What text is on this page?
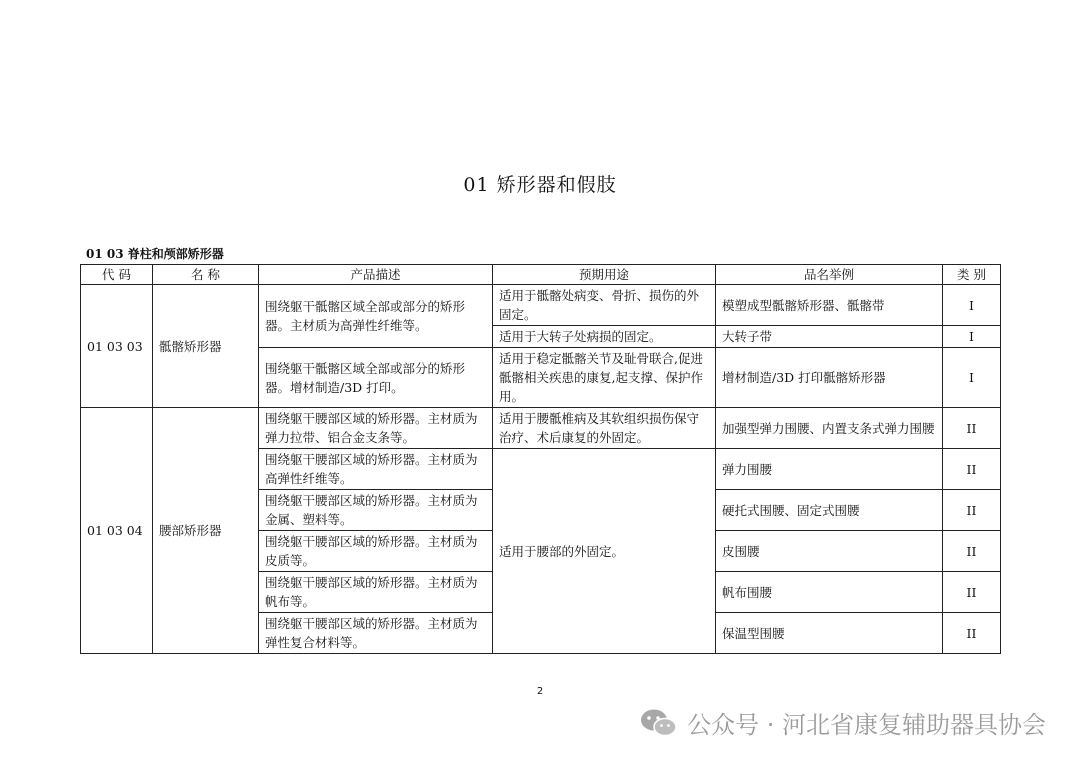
01 矫形器和假肢
01 03 脊柱和颅部矫形器
代 码	名 称	产品描述	预期用途	品名举例	类 别
01 03 03	骶髂矫形器	围绕躯干骶髂区域全部或部分的矫形器。主材质为高弹性纤维等。	适用于骶髂处病变、骨折、损伤的外固定。	模塑成型骶髂矫形器、骶髂带	I
			适用于大转子处病损的固定。	大转子带	I
		围绕躯干骶髂区域全部或部分的矫形器。增材制造/3D 打印。	适用于稳定骶髂关节及耻骨联合,促进骶髂相关疾患的康复,起支撑、保护作用。	增材制造/3D 打印骶髂矫形器	I
01 03 04	腰部矫形器	围绕躯干腰部区域的矫形器。主材质为弹力拉带、铝合金支条等。	适用于腰骶椎病及其软组织损伤保守治疗、术后康复的外固定。	加强型弹力围腰、内置支条式弹力围腰	II
		围绕躯干腰部区域的矫形器。主材质为高弹性纤维等。	适用于腰部的外固定。	弹力围腰	II
		围绕躯干腰部区域的矫形器。主材质为金属、塑料等。		硬托式围腰、固定式围腰	II
		围绕躯干腰部区域的矫形器。主材质为皮质等。		皮围腰	II
		围绕躯干腰部区域的矫形器。主材质为帆布等。		帆布围腰	II
		围绕躯干腰部区域的矫形器。主材质为弹性复合材料等。		保温型围腰	II
2
公众号 · 河北省康复辅助器具协会
